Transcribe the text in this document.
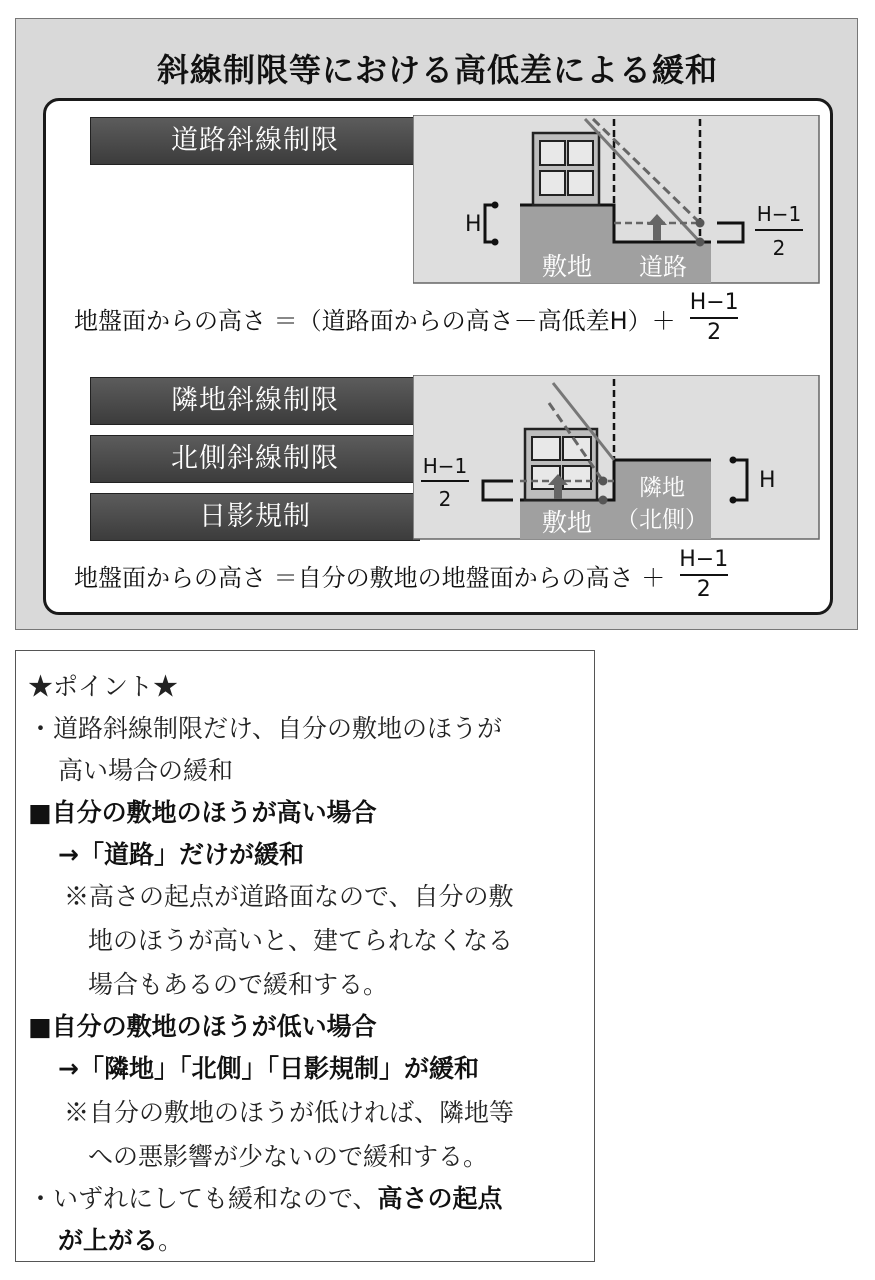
斜線制限等における高低差による緩和
道路斜線制限
H
敷地 道路
H−1
2
地盤面からの高さ ＝（道路面からの高さ－高低差$H)+ \frac{H-1}{2}$
隣地斜線制限
北側斜線制限
日影規制
H−1
2
H
敷地
隣地
（北側）
地盤面からの高さ ＝自分の敷地の地盤面からの高さ ＋ $\frac{H-1}{2}$
★ポイント★
・道路斜線制限だけ、自分の敷地のほうが
高い場合の緩和
■自分の敷地のほうが高い場合
→「道路」だけが緩和
※高さの起点が道路面なので、自分の敷
地のほうが高いと、建てられなくなる
場合もあるので緩和する。
■自分の敷地のほうが低い場合
→「隣地」「北側」「日影規制」が緩和
※自分の敷地のほうが低ければ、隣地等
への悪影響が少ないので緩和する。
・いずれにしても緩和なので、高さの起点
が上がる。
